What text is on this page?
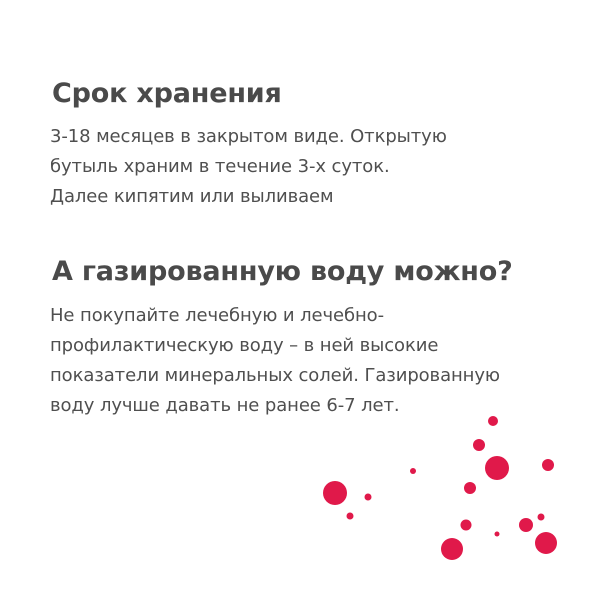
Срок хранения

3-18 месяцев в закрытом виде. Открытую
бутыль храним в течение 3-х суток.
Далее кипятим или выливаем

А газированную воду можно?

Не покупайте лечебную и лечебно-
профилактическую воду – в ней высокие
показатели минеральных солей. Газированную
воду лучше давать не ранее 6-7 лет.
